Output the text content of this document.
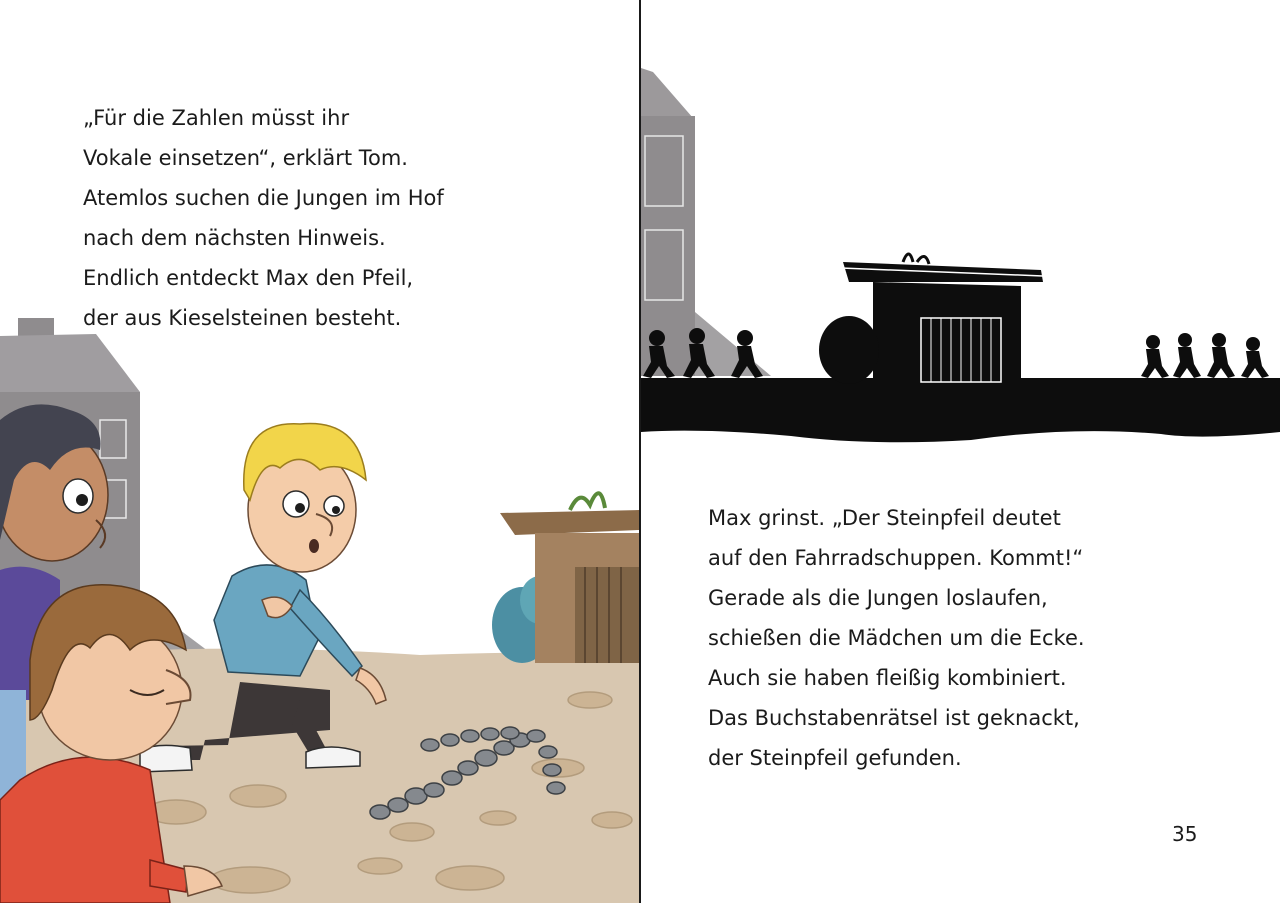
„Für die Zahlen müsst ihr
Vokale einsetzen“, erklärt Tom.
Atemlos suchen die Jungen im Hof
nach dem nächsten Hinweis.
Endlich entdeckt Max den Pfeil,
der aus Kieselsteinen besteht.
Max grinst. „Der Steinpfeil deutet
auf den Fahrradschuppen. Kommt!“
Gerade als die Jungen loslaufen,
schießen die Mädchen um die Ecke.
Auch sie haben fleißig kombiniert.
Das Buchstabenrätsel ist geknackt,
der Steinpfeil gefunden.
35
